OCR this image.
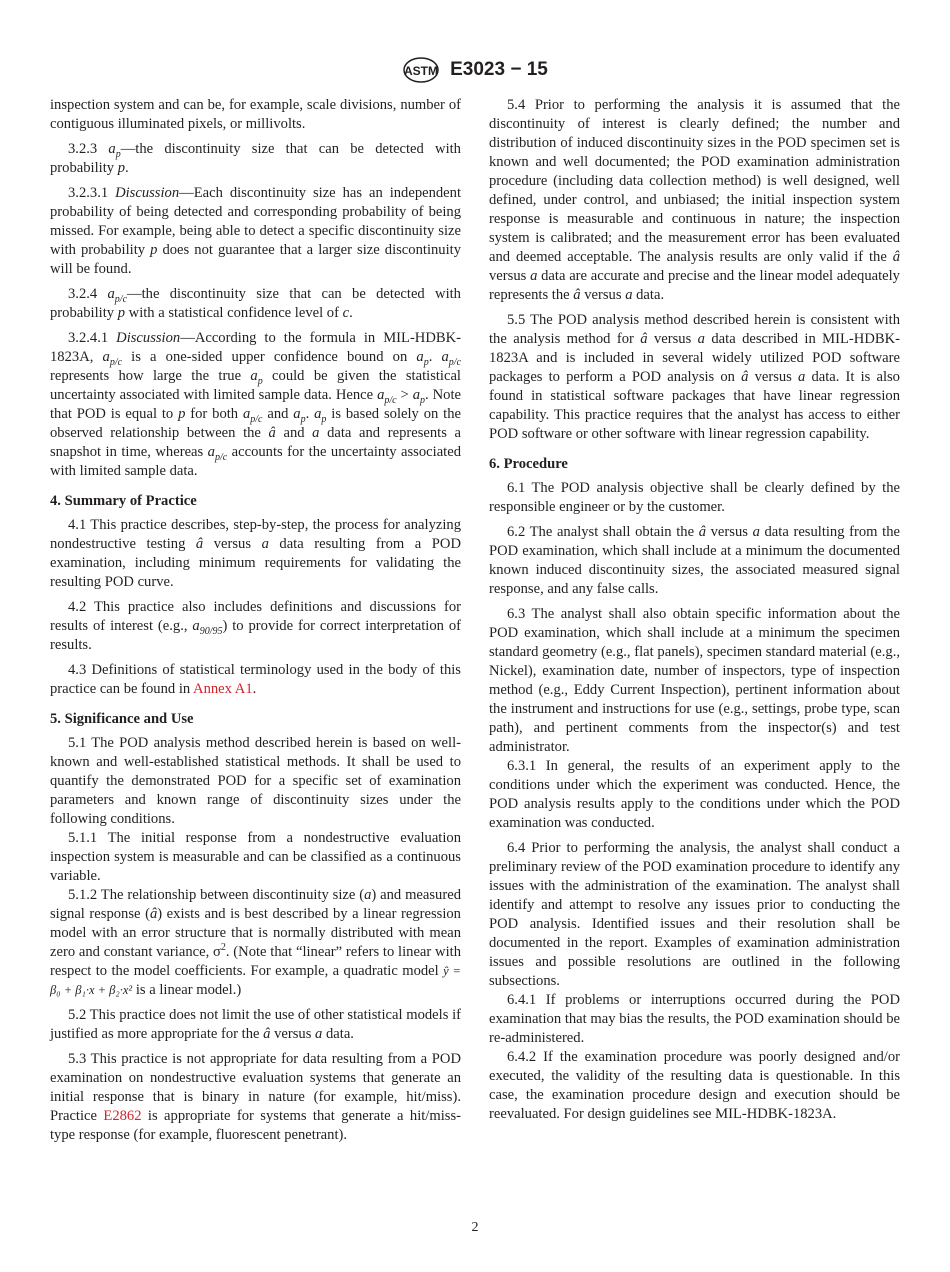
ASTM E3023 − 15

inspection system and can be, for example, scale divisions, number of contiguous illuminated pixels, or millivolts.

3.2.3 $a_p—the$ discontinuity size that can be detected with probability p.

3.2.3.1 Discussion—Each discontinuity size has an independent probability of being detected and corresponding probability of being missed. For example, being able to detect a specific discontinuity size with probability p does not guarantee that a larger size discontinuity will be found.

3.2.4 $a_{p/c}—the$ discontinuity size that can be detected with probability p with a statistical confidence level of c.

3.2.4.1 Discussion—According to the formula in MIL-HDBK-1823A, $a_{p/c}$ is a one-sided upper confidence bound on $a_p$. $a_{p/c}$ represents how large the true $a_p$ could be given the statistical uncertainty associated with limited sample data. Hence $a_{p/c} > a_p$. Note that POD is equal to p for both $a_{p/c}$ and $a_p$. $a_p$ is based solely on the observed relationship between the â and a data and represents a snapshot in time, whereas $a_{p/c}$ accounts for the uncertainty associated with limited sample data.

4. Summary of Practice

4.1 This practice describes, step-by-step, the process for analyzing nondestructive testing â versus a data resulting from a POD examination, including minimum requirements for validating the resulting POD curve.

4.2 This practice also includes definitions and discussions for results of interest (e.g., $a_{90/95}$) to provide for correct interpretation of results.

4.3 Definitions of statistical terminology used in the body of this practice can be found in Annex A1.

5. Significance and Use

5.1 The POD analysis method described herein is based on well-known and well-established statistical methods. It shall be used to quantify the demonstrated POD for a specific set of examination parameters and known range of discontinuity sizes under the following conditions.

5.1.1 The initial response from a nondestructive evaluation inspection system is measurable and can be classified as a continuous variable.

5.1.2 The relationship between discontinuity size (a) and measured signal response (â) exists and is best described by a linear regression model with an error structure that is normally distributed with mean zero and constant variance, $\sigma^2$. (Note that “linear” refers to linear with respect to the model coefficients. For example, a quadratic model ŷ = β₀ + β₁·x + β₂·x² is a linear model.)

5.2 This practice does not limit the use of other statistical models if justified as more appropriate for the â versus a data.

5.3 This practice is not appropriate for data resulting from a POD examination on nondestructive evaluation systems that generate an initial response that is binary in nature (for example, hit/miss). Practice E2862 is appropriate for systems that generate a hit/miss-type response (for example, fluorescent penetrant).

5.4 Prior to performing the analysis it is assumed that the discontinuity of interest is clearly defined; the number and distribution of induced discontinuity sizes in the POD specimen set is known and well documented; the POD examination administration procedure (including data collection method) is well designed, well defined, under control, and unbiased; the initial inspection system response is measurable and continuous in nature; the inspection system is calibrated; and the measurement error has been evaluated and deemed acceptable. The analysis results are only valid if the â versus a data are accurate and precise and the linear model adequately represents the â versus a data.

5.5 The POD analysis method described herein is consistent with the analysis method for â versus a data described in MIL-HDBK-1823A and is included in several widely utilized POD software packages to perform a POD analysis on â versus a data. It is also found in statistical software packages that have linear regression capability. This practice requires that the analyst has access to either POD software or other software with linear regression capability.

6. Procedure

6.1 The POD analysis objective shall be clearly defined by the responsible engineer or by the customer.

6.2 The analyst shall obtain the â versus a data resulting from the POD examination, which shall include at a minimum the documented known induced discontinuity sizes, the associated measured signal response, and any false calls.

6.3 The analyst shall also obtain specific information about the POD examination, which shall include at a minimum the specimen standard geometry (e.g., flat panels), specimen standard material (e.g., Nickel), examination date, number of inspectors, type of inspection method (e.g., Eddy Current Inspection), pertinent information about the instrument and instructions for use (e.g., settings, probe type, scan path), and pertinent comments from the inspector(s) and test administrator.

6.3.1 In general, the results of an experiment apply to the conditions under which the experiment was conducted. Hence, the POD analysis results apply to the conditions under which the POD examination was conducted.

6.4 Prior to performing the analysis, the analyst shall conduct a preliminary review of the POD examination procedure to identify any issues with the administration of the examination. The analyst shall identify and attempt to resolve any issues prior to conducting the POD analysis. Identified issues and their resolution shall be documented in the report. Examples of examination administration issues and possible resolutions are outlined in the following subsections.

6.4.1 If problems or interruptions occurred during the POD examination that may bias the results, the POD examination should be re-administered.

6.4.2 If the examination procedure was poorly designed and/or executed, the validity of the resulting data is questionable. In this case, the examination procedure design and execution should be reevaluated. For design guidelines see MIL-HDBK-1823A.

2
